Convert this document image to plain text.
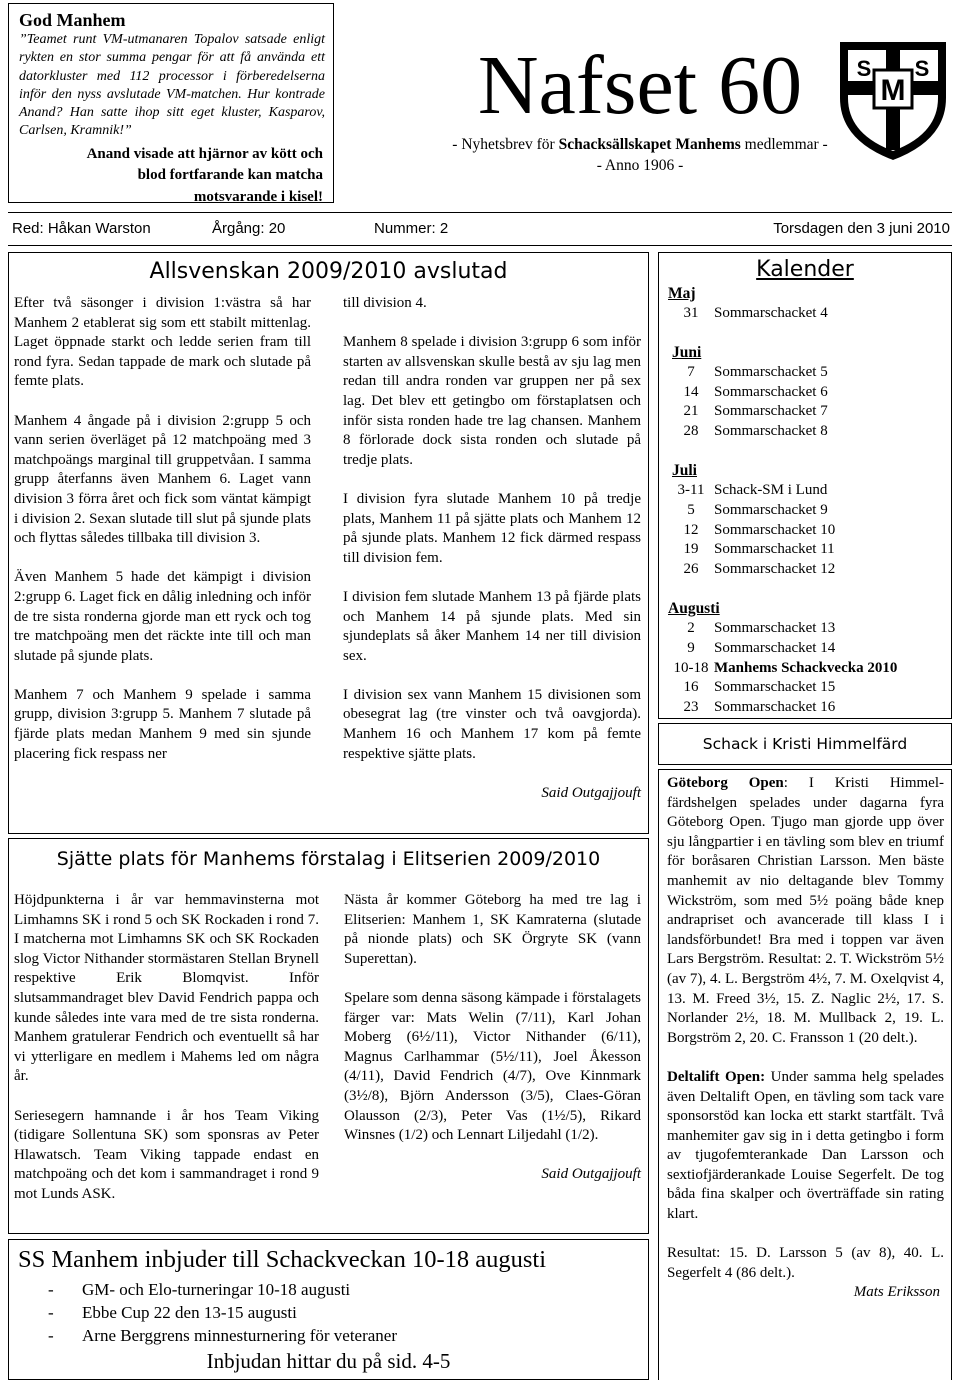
God Manhem
”Teamet runt VM-utmanaren Topalov satsade enligt rykten en stor summa pengar för att få använda ett datorkluster med 112 processor i förberedelserna inför den nyss avslutade VM-matchen. Hur kontrade Anand? Han satte ihop sitt eget kluster, Kasparov, Carlsen, Kramnik!”
Anand visade att hjärnor av kött och
blod fortfarande kan matcha
motsvarande i kisel!
Nafset 60
- Nyhetsbrev för Schacksällskapet Manhems medlemmar -
- Anno 1906 -
M
S S
Red: Håkan Warston	Årgång: 20	Nummer: 2	Torsdagen den 3 juni 2010
Allsvenskan 2009/2010 avslutad

Efter två säsonger i division 1:västra så har Manhem 2 etablerat sig som ett stabilt mittenlag. Laget öppnade starkt och ledde serien fram till rond fyra. Sedan tappade de mark och slutade på femte plats.

Manhem 4 ångade på i division 2:grupp 5 och vann serien överläget på 12 matchpoäng med 3 matchpoängs marginal till gruppetvåan. I samma grupp återfanns även Manhem 6. Laget vann division 3 förra året och fick som väntat kämpigt i division 2. Sexan slutade till slut på sjunde plats och flyttas således tillbaka till division 3.

Även Manhem 5 hade det kämpigt i division 2:grupp 6. Laget fick en dålig inledning och inför de tre sista ronderna gjorde man ett ryck och tog tre matchpoäng men det räckte inte till och man slutade på sjunde plats.

Manhem 7 och Manhem 9 spelade i samma grupp, division 3:grupp 5. Manhem 7 slutade på fjärde plats medan Manhem 9 med sin sjunde placering fick respass ner

till division 4.

Manhem 8 spelade i division 3:grupp 6 som inför starten av allsvenskan skulle bestå av sju lag men redan till andra ronden var gruppen ner på sex lag. Det blev ett getingbo om förstaplatsen och inför sista ronden hade tre lag chansen. Manhem 8 förlorade dock sista ronden och slutade på tredje plats.

I division fyra slutade Manhem 10 på tredje plats, Manhem 11 på sjätte plats och Manhem 12 på sjunde plats. Manhem 12 fick därmed respass till division fem.

I division fem slutade Manhem 13 på fjärde plats och Manhem 14 på sjunde plats. Med sin sjundeplats så åker Manhem 14 ner till division sex.

I division sex vann Manhem 15 divisionen som obesegrat lag (tre vinster och två oavgjorda). Manhem 16 och Manhem 17 kom på femte respektive sjätte plats.

Said Outgajjouft

Sjätte plats för Manhems förstalag i Elitserien 2009/2010

Höjdpunkterna i år var hemmavinsterna mot Limhamns SK i rond 5 och SK Rockaden i rond 7. I matcherna mot Limhamns SK och SK Rockaden slog Victor Nithander stormästaren Stellan Brynell respektive Erik Blomqvist. Inför slutsammandraget blev David Fendrich pappa och kunde således inte vara med de tre sista ronderna. Manhem gratulerar Fendrich och eventuellt så har vi ytterligare en medlem i Mahems led om några år.

Seriesegern hamnande i år hos Team Viking (tidigare Sollentuna SK) som sponsras av Peter Hlawatsch. Team Viking tappade endast en matchpoäng och det kom i sammandraget i rond 9 mot Lunds ASK.

Nästa år kommer Göteborg ha med tre lag i Elitserien: Manhem 1, SK Kamraterna (slutade på nionde plats) och SK Örgryte SK (vann Superettan).

Spelare som denna säsong kämpade i förstalagets färger var: Mats Welin (7/11), Karl Johan Moberg (6½/11), Victor Nithander (6/11), Magnus Carlhammar (5½/11), Joel Åkesson (4/11), David Fendrich (4/7), Ove Kinnmark (3½/8), Björn Andersson (3/5), Claes-Göran Olausson (2/3), Peter Vas (1½/5), Rikard Winsnes (1/2) och Lennart Liljedahl (1/2).

Said Outgajjouft

SS Manhem inbjuder till Schackveckan 10-18 augusti
-	GM- och Elo-turneringar 10-18 augusti
-	Ebbe Cup 22 den 13-15 augusti
-	Arne Berggrens minnesturnering för veteraner
Inbjudan hittar du på sid. 4-5
Kalender
Maj
31	Sommarschacket 4
Juni
7	Sommarschacket 5
14	Sommarschacket 6
21	Sommarschacket 7
28	Sommarschacket 8
Juli
3-11 Schack-SM i Lund
5	Sommarschacket 9
12	Sommarschacket 10
19	Sommarschacket 11
26	Sommarschacket 12
Augusti
2	Sommarschacket 13
9	Sommarschacket 14
10-18 Manhems Schackvecka 2010
16	Sommarschacket 15
23	Sommarschacket 16
Schack i Kristi Himmelfärd

Göteborg Open: I Kristi Himmel-färdshelgen spelades under dagarna fyra Göteborg Open. Tjugo man gjorde upp över sju långpartier i en tävling som blev en triumf för boråsaren Christian Larsson. Men bäste manhemit av nio deltagande blev Tommy Wickström, som med 5½ poäng både knep andrapriset och avancerade till klass I i landsförbundet! Bra med i toppen var även Lars Bergström. Resultat: 2. T. Wickström 5½ (av 7), 4. L. Bergström 4½, 7. M. Oxelqvist 4, 13. M. Freed 3½, 15. Z. Naglic 2½, 17. S. Norlander 2½, 18. M. Mullback 2, 19. L. Borgström 2, 20. C. Fransson 1 (20 delt.).

Deltalift Open: Under samma helg spelades även Deltalift Open, en tävling som tack vare sponsorstöd kan locka ett starkt startfält. Två manhemiter gav sig in i detta getingbo i form av tjugofemterankade Dan Larsson och sextiofjärderankade Louise Segerfelt. De tog båda fina skalper och överträffade sin rating klart.

Resultat: 15. D. Larsson 5 (av 8), 40. L. Segerfelt 4 (86 delt.).

Mats Eriksson
